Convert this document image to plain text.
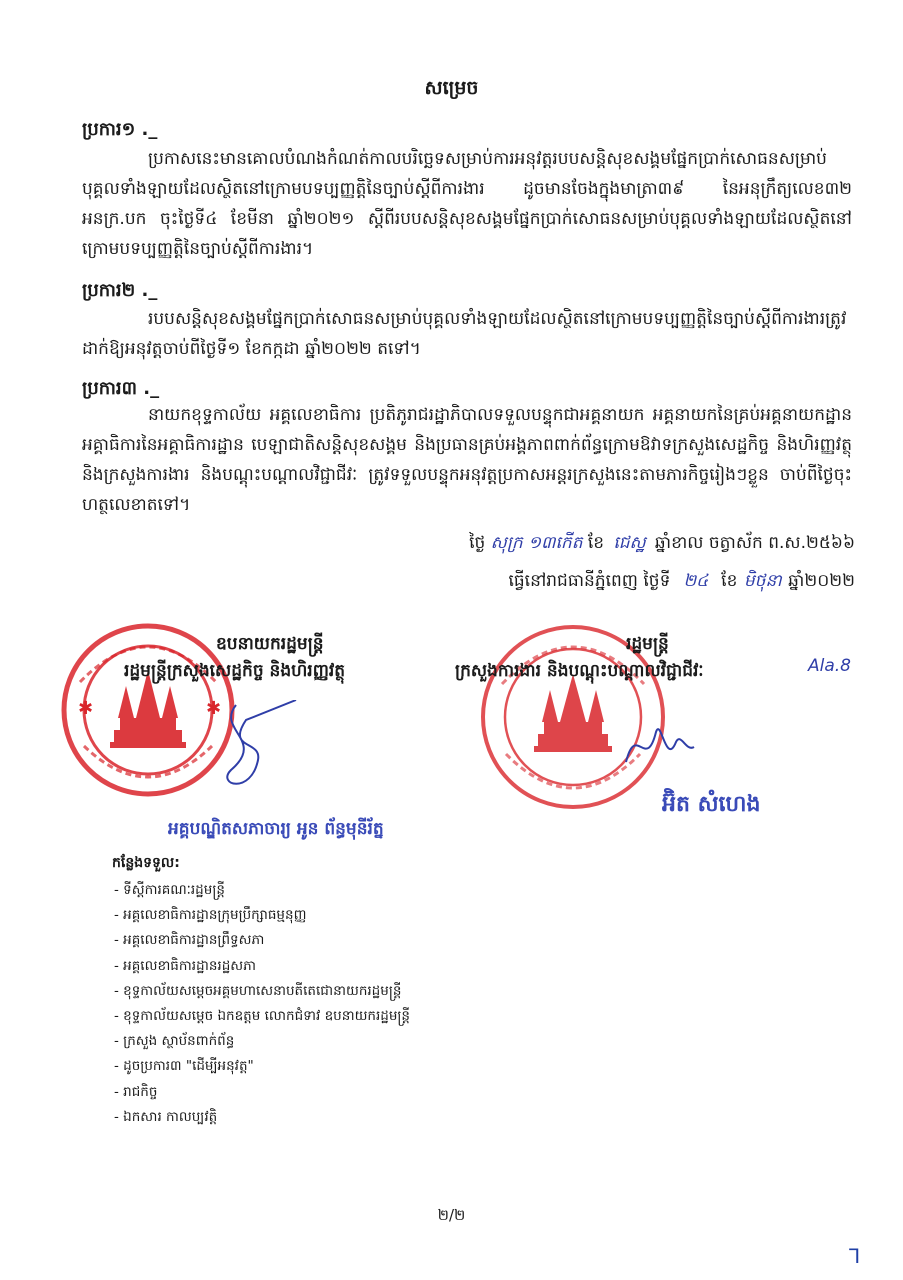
សម្រេច
ប្រការ១ ._

ប្រកាសនេះមានគោលបំណងកំណត់កាលបរិច្ឆេទសម្រាប់ការអនុវត្តរបបសន្តិសុខសង្គមផ្នែកប្រាក់សោធនសម្រាប់បុគ្គលទាំងឡាយដែលស្ថិតនៅក្រោមបទប្បញ្ញត្តិនៃច្បាប់ស្តីពីការងារ ដូចមានចែងក្នុងមាត្រា៣៩ នៃអនុក្រឹត្យលេខ៣២ អនក្រ.បក ចុះថ្ងៃទី៤ ខែមីនា ឆ្នាំ២០២១ ស្តីពីរបបសន្តិសុខសង្គមផ្នែកប្រាក់សោធនសម្រាប់បុគ្គលទាំងឡាយដែលស្ថិតនៅក្រោមបទប្បញ្ញត្តិនៃច្បាប់ស្តីពីការងារ។

ប្រការ២ ._

របបសន្តិសុខសង្គមផ្នែកប្រាក់សោធនសម្រាប់បុគ្គលទាំងឡាយដែលស្ថិតនៅក្រោមបទប្បញ្ញត្តិនៃច្បាប់ស្តីពីការងារត្រូវដាក់ឱ្យអនុវត្តចាប់ពីថ្ងៃទី១ ខែកក្កដា ឆ្នាំ២០២២ តទៅ។

ប្រការ៣ ._

នាយកខុទ្ទកាល័យ អគ្គលេខាធិការ ប្រតិភូរាជរដ្ឋាភិបាលទទួលបន្ទុកជាអគ្គនាយក អគ្គនាយកនៃគ្រប់អគ្គនាយកដ្ឋាន អគ្គាធិការនៃអគ្គាធិការដ្ឋាន បេឡាជាតិសន្តិសុខសង្គម និងប្រធានគ្រប់អង្គភាពពាក់ព័ន្ធក្រោមឱវាទក្រសួងសេដ្ឋកិច្ច និងហិរញ្ញវត្ថុ និងក្រសួងការងារ និងបណ្តុះបណ្តាលវិជ្ជាជីវៈ ត្រូវទទួលបន្ទុកអនុវត្តប្រកាសអន្តរក្រសួងនេះតាមភារកិច្ចរៀងៗខ្លួន ចាប់ពីថ្ងៃចុះហត្ថលេខាតទៅ។

ថ្ងៃ សុក្រ ១៣កើត ខែ ជេស្ឋ ឆ្នាំខាល ចត្វាស័ក ព.ស.២៥៦៦
ធ្វើនៅរាជធានីភ្នំពេញ ថ្ងៃទី ២៤ ខែ មិថុនា ឆ្នាំ២០២២
✱	✱
ឧបនាយករដ្ឋមន្ត្រី
រដ្ឋមន្ត្រីក្រសួងសេដ្ឋកិច្ច និងហិរញ្ញវត្ថុ
អគ្គបណ្ឌិតសភាចារ្យ អូន ព័ន្ធមុនីរ័ត្ន
រដ្ឋមន្ត្រី
ក្រសួងការងារ និងបណ្តុះបណ្តាលវិជ្ជាជីវៈ	Ala.8
អ៊ិត សំហេង
កន្លែងទទួល:
- ទីស្តីការគណៈរដ្ឋមន្ត្រី
- អគ្គលេខាធិការដ្ឋានក្រុមប្រឹក្សាធម្មនុញ្ញ
- អគ្គលេខាធិការដ្ឋានព្រឹទ្ធសភា
- អគ្គលេខាធិការដ្ឋានរដ្ឋសភា
- ខុទ្ទកាល័យសម្តេចអគ្គមហាសេនាបតីតេជោនាយករដ្ឋមន្ត្រី
- ខុទ្ទកាល័យសម្តេច ឯកឧត្តម លោកជំទាវ ឧបនាយករដ្ឋមន្ត្រី
- ក្រសួង ស្ថាប័នពាក់ព័ន្ធ
- ដូចប្រការ៣ "ដើម្បីអនុវត្ត"
- រាជកិច្ច
- ឯកសារ កាលប្បវត្តិ
២/២
ᒣ
